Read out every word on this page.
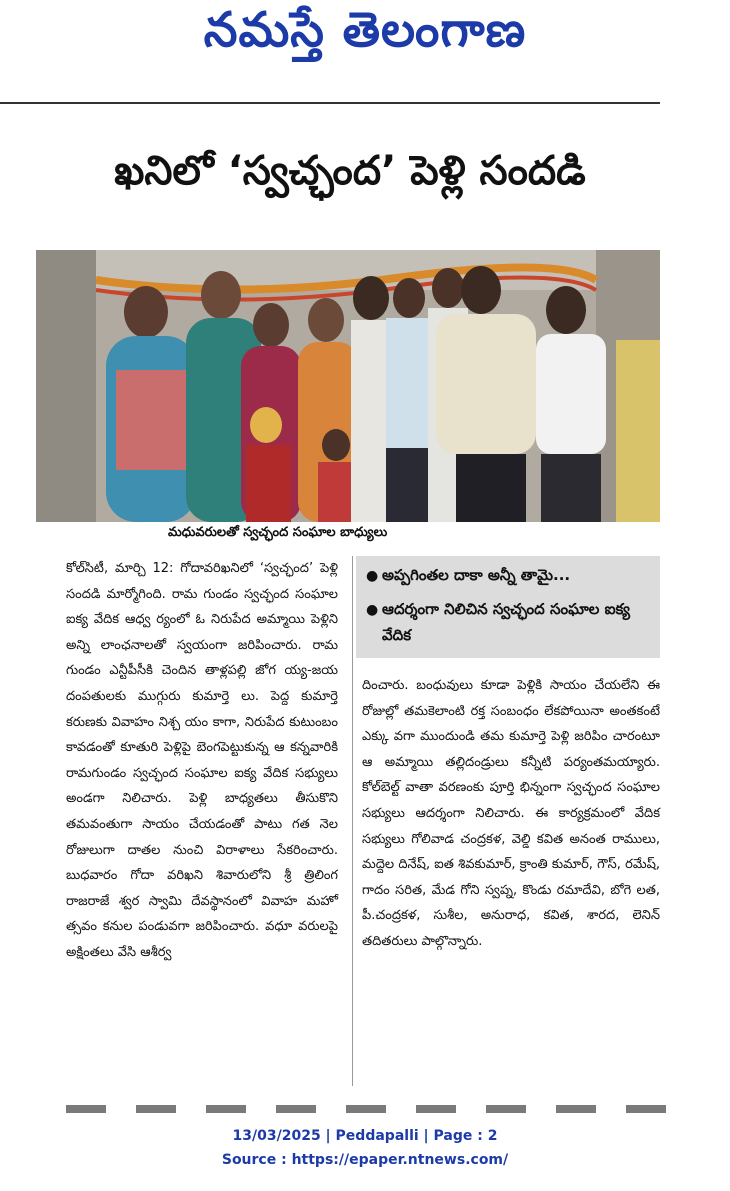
నమస్తే తెలంగాణ
ఖనిలో ‘స్వచ్ఛంద’ పెళ్లి సందడి
మధువరులతో స్వచ్ఛంద సంఘాల బాధ్యులు

కోల్‌సిటీ, మార్చి 12: గోదావరిఖనిలో ‘స్వచ్ఛంద’ పెళ్లి సందడి మార్మోగింది. రామ గుండం స్వచ్ఛంద సంఘాల ఐక్య వేదిక ఆధ్వ ర్యంలో ఓ నిరుపేద అమ్మాయి పెళ్లిని అన్ని లాంఛనాలతో స్వయంగా జరిపించారు. రామ గుండం ఎన్టీపీసీకి చెందిన తాళ్లపల్లి జోగ య్య-జయ దంపతులకు ముగ్గురు కుమార్తె లు. పెద్ద కుమార్తె కరుణకు వివాహం నిశ్చ యం కాగా, నిరుపేద కుటుంబం కావడంతో కూతురి పెళ్లిపై బెంగపెట్టుకున్న ఆ కన్నవారికి రామగుండం స్వచ్ఛంద సంఘాల ఐక్య వేదిక సభ్యులు అండగా నిలిచారు. పెళ్లి బాధ్యతలు తీసుకొని తమవంతుగా సాయం చేయడంతో పాటు గత నెల రోజులుగా దాతల నుంచి విరాళాలు సేకరించారు. బుధవారం గోదా వరిఖని శివారులోని శ్రీ త్రిలింగ రాజరాజే శ్వర స్వామి దేవస్థానంలో వివాహ మహో త్సవం కనుల పండువగా జరిపించారు. వధూ వరులపై అక్షింతలు వేసి ఆశీర్వ

● అప్పగింతల దాకా అన్నీ తామై...
● ఆదర్శంగా నిలిచిన స్వచ్ఛంద సంఘాల ఐక్య వేదిక

దించారు. బంధువులు కూడా పెళ్లికి సాయం చేయలేని ఈ రోజుల్లో తమకెలాంటి రక్త సంబంధం లేకపోయినా అంతకంటే ఎక్కు వగా ముందుండి తమ కుమార్తె పెళ్లి జరిపిం చారంటూ ఆ అమ్మాయి తల్లిదండ్రులు కన్నీటి పర్యంతమయ్యారు. కోల్‌బెల్ట్ వాతా వరణంకు పూర్తి భిన్నంగా స్వచ్ఛంద సంఘాల సభ్యులు ఆదర్శంగా నిలిచారు. ఈ కార్యక్రమంలో వేదిక సభ్యులు గోలివాడ చంద్రకళ, వెల్డి కవిత అనంత రాములు, మద్దెల దినేష్, ఐత శివకుమార్, క్రాంతి కుమార్, గౌస్, రమేష్, గాదం సరిత, మేడ గోని స్వప్న, కొండు రమాదేవి, బోగె లత, పీ.చంద్రకళ, సుశీల, అనురాధ, కవిత, శారద, లెనిన్ తదితరులు పాల్గొన్నారు.

13/03/2025 | Peddapalli | Page : 2
Source : https://epaper.ntnews.com/
